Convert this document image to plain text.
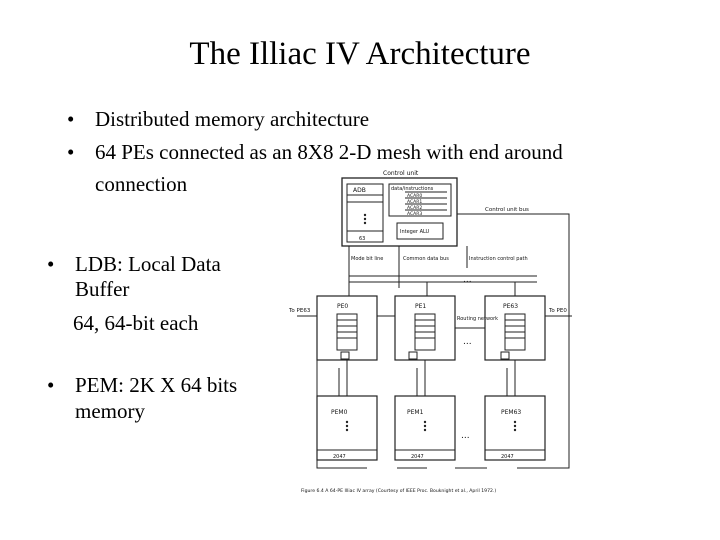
The Illiac IV Architecture
• Distributed memory architecture
• 64 PEs connected as an 8X8 2-D mesh with end around
connection
• LDB: Local Data
Buffer
64, 64-bit each
• PEM: 2K X 64 bits
memory
Control unit
ADB	data/instructions
ACAR0
ACAR1
ACAR2
ACAR3
Integer ALU
63
Control unit bus
Mode bit line	Common data bus	Instruction control path
PE0	PE1	PE63
PEM0	PEM1	PEM63
2047	2047	2047
To PE63	To PE0
Routing network
...
...
...
Figure 6.4 A 64-PE Illiac IV array (Courtesy of IEEE Proc. Bouknight et al., April 1972.)
